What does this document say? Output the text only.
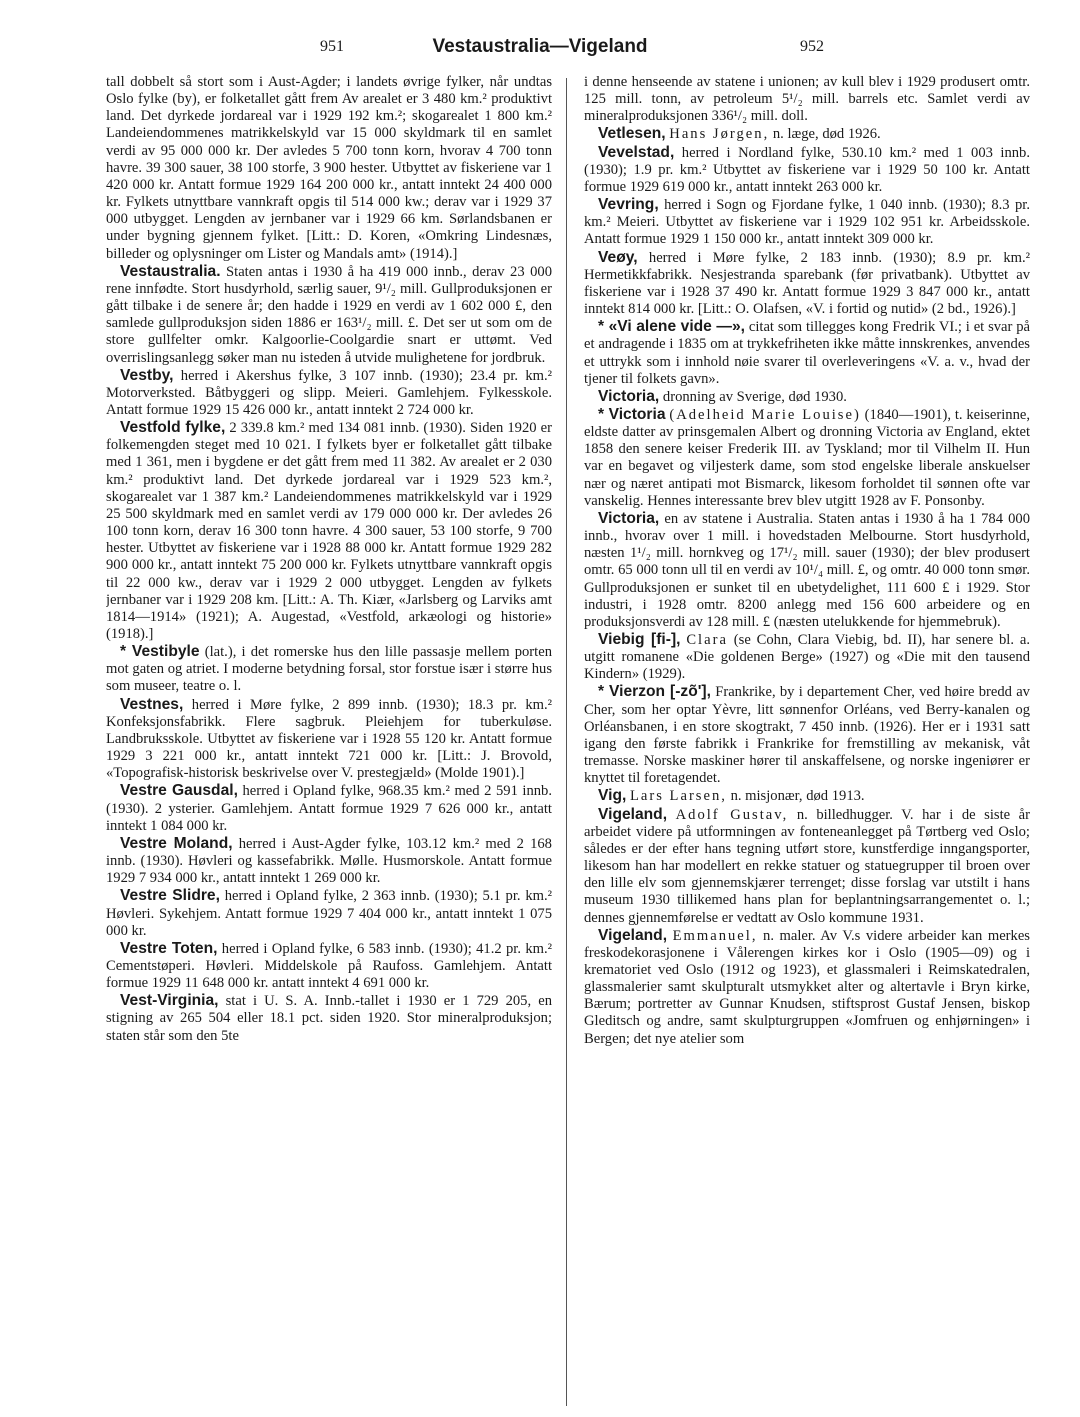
951	Vestaustralia—Vigeland	952

tall dobbelt så stort som i Aust-Agder; i landets øvrige fylker, når undtas Oslo fylke (by), er folketallet gått frem Av arealet er 3 480 km.² produktivt land. Det dyrkede jordareal var i 1929 192 km.²; skogarealet 1 800 km.² Landeiendommenes matrikkelskyld var 15 000 skyldmark til en samlet verdi av 95 000 000 kr. Der avledes 5 700 tonn korn, hvorav 4 700 tonn havre. 39 300 sauer, 38 100 storfe, 3 900 hester. Utbyttet av fiskeriene var 1 420 000 kr. Antatt formue 1929 164 200 000 kr., antatt inntekt 24 400 000 kr. Fylkets utnyttbare vannkraft opgis til 514 000 kw.; derav var i 1929 37 000 utbygget. Lengden av jernbaner var i 1929 66 km. Sørlandsbanen er under bygning gjennem fylket. [Litt.: D. Koren, «Omkring Lindesnæs, billeder og oplysninger om Lister og Mandals amt» (1914).]

Vestaustralia. Staten antas i 1930 å ha 419 000 innb., derav 23 000 rene innfødte. Stort husdyrhold, særlig sauer, 9¹/₂ mill. Gullproduksjonen er gått tilbake i de senere år; den hadde i 1929 en verdi av 1 602 000 £, den samlede gullproduksjon siden 1886 er 163¹/₂ mill. £. Det ser ut som om de store gullfelter omkr. Kalgoorlie-Coolgardie snart er uttømt. Ved overrislingsanlegg søker man nu isteden å utvide mulighetene for jordbruk.

Vestby, herred i Akershus fylke, 3 107 innb. (1930); 23.4 pr. km.² Motorverksted. Båtbyggeri og slipp. Meieri. Gamlehjem. Fylkesskole. Antatt formue 1929 15 426 000 kr., antatt inntekt 2 724 000 kr.

Vestfold fylke, 2 339.8 km.² med 134 081 innb. (1930). Siden 1920 er folkemengden steget med 10 021. I fylkets byer er folketallet gått tilbake med 1 361, men i bygdene er det gått frem med 11 382. Av arealet er 2 030 km.² produktivt land. Det dyrkede jordareal var i 1929 523 km.², skogarealet var 1 387 km.² Landeiendommenes matrikkelskyld var i 1929 25 500 skyldmark med en samlet verdi av 179 000 000 kr. Der avledes 26 100 tonn korn, derav 16 300 tonn havre. 4 300 sauer, 53 100 storfe, 9 700 hester. Utbyttet av fiskeriene var i 1928 88 000 kr. Antatt formue 1929 282 900 000 kr., antatt inntekt 75 200 000 kr. Fylkets utnyttbare vannkraft opgis til 22 000 kw., derav var i 1929 2 000 utbygget. Lengden av fylkets jernbaner var i 1929 208 km. [Litt.: A. Th. Kiær, «Jarlsberg og Larviks amt 1814—1914» (1921); A. Augestad, «Vestfold, arkæologi og historie» (1918).]

* Vestibyle (lat.), i det romerske hus den lille passasje mellem porten mot gaten og atriet. I moderne betydning forsal, stor forstue især i større hus som museer, teatre o. l.

Vestnes, herred i Møre fylke, 2 899 innb. (1930); 18.3 pr. km.² Konfeksjonsfabrikk. Flere sagbruk. Pleiehjem for tuberkuløse. Landbruksskole. Utbyttet av fiskeriene var i 1928 55 120 kr. Antatt formue 1929 3 221 000 kr., antatt inntekt 721 000 kr. [Litt.: J. Brovold, «Topografisk-historisk beskrivelse over V. prestegjæld» (Molde 1901).]

Vestre Gausdal, herred i Opland fylke, 968.35 km.² med 2 591 innb. (1930). 2 ysterier. Gamlehjem. Antatt formue 1929 7 626 000 kr., antatt inntekt 1 084 000 kr.

Vestre Moland, herred i Aust-Agder fylke, 103.12 km.² med 2 168 innb. (1930). Høvleri og kassefabrikk. Mølle. Husmorskole. Antatt formue 1929 7 934 000 kr., antatt inntekt 1 269 000 kr.

Vestre Slidre, herred i Opland fylke, 2 363 innb. (1930); 5.1 pr. km.² Høvleri. Sykehjem. Antatt formue 1929 7 404 000 kr., antatt inntekt 1 075 000 kr.

Vestre Toten, herred i Opland fylke, 6 583 innb. (1930); 41.2 pr. km.² Cementstøperi. Høvleri. Middelskole på Raufoss. Gamlehjem. Antatt formue 1929 11 648 000 kr. antatt inntekt 4 691 000 kr.

Vest-Virginia, stat i U. S. A. Innb.-tallet i 1930 er 1 729 205, en stigning av 265 504 eller 18.1 pct. siden 1920. Stor mineralproduksjon; staten står som den 5te

i denne henseende av statene i unionen; av kull blev i 1929 produsert omtr. 125 mill. tonn, av petroleum 5¹/₂ mill. barrels etc. Samlet verdi av mineralproduksjonen 336¹/₂ mill. doll.

Vetlesen, Hans Jørgen, n. læge, død 1926.

Vevelstad, herred i Nordland fylke, 530.10 km.² med 1 003 innb. (1930); 1.9 pr. km.² Utbyttet av fiskeriene var i 1929 50 100 kr. Antatt formue 1929 619 000 kr., antatt inntekt 263 000 kr.

Vevring, herred i Sogn og Fjordane fylke, 1 040 innb. (1930); 8.3 pr. km.² Meieri. Utbyttet av fiskeriene var i 1929 102 951 kr. Arbeidsskole. Antatt formue 1929 1 150 000 kr., antatt inntekt 309 000 kr.

Veøy, herred i Møre fylke, 2 183 innb. (1930); 8.9 pr. km.² Hermetikkfabrikk. Nesjestranda sparebank (før privatbank). Utbyttet av fiskeriene var i 1928 37 490 kr. Antatt formue 1929 3 847 000 kr., antatt inntekt 814 000 kr. [Litt.: O. Olafsen, «V. i fortid og nutid» (2 bd., 1926).]

* «Vi alene vide —», citat som tillegges kong Fredrik VI.; i et svar på et andragende i 1835 om at trykkefriheten ikke måtte innskrenkes, anvendes et uttrykk som i innhold nøie svarer til overleveringens «V. a. v., hvad der tjener til folkets gavn».

Victoria, dronning av Sverige, død 1930.

* Victoria (Adelheid Marie Louise) (1840—1901), t. keiserinne, eldste datter av prinsgemalen Albert og dronning Victoria av England, ektet 1858 den senere keiser Frederik III. av Tyskland; mor til Vilhelm II. Hun var en begavet og viljesterk dame, som stod engelske liberale anskuelser nær og næret antipati mot Bismarck, likesom forholdet til sønnen ofte var vanskelig. Hennes interessante brev blev utgitt 1928 av F. Ponsonby.

Victoria, en av statene i Australia. Staten antas i 1930 å ha 1 784 000 innb., hvorav over 1 mill. i hovedstaden Melbourne. Stort husdyrhold, næsten 1¹/₂ mill. hornkveg og 17¹/₂ mill. sauer (1930); der blev produsert omtr. 65 000 tonn ull til en verdi av 10¹/₄ mill. £, og omtr. 40 000 tonn smør. Gullproduksjonen er sunket til en ubetydelighet, 111 600 £ i 1929. Stor industri, i 1928 omtr. 8200 anlegg med 156 600 arbeidere og en produksjonsverdi av 128 mill. £ (næsten utelukkende for hjemmebruk).

Viebig [fi-], Clara (se Cohn, Clara Viebig, bd. II), har senere bl. a. utgitt romanene «Die goldenen Berge» (1927) og «Die mit den tausend Kindern» (1929).

* Vierzon [-zõ'], Frankrike, by i departement Cher, ved høire bredd av Cher, som her optar Yèvre, litt sønnenfor Orléans, ved Berry-kanalen og Orléansbanen, i en store skogtrakt, 7 450 innb. (1926). Her er i 1931 satt igang den første fabrikk i Frankrike for fremstilling av mekanisk, våt tremasse. Norske maskiner hører til anskaffelsene, og norske ingeniører er knyttet til foretagendet.

Vig, Lars Larsen, n. misjonær, død 1913.

Vigeland, Adolf Gustav, n. billedhugger. V. har i de siste år arbeidet videre på utformningen av fonteneanlegget på Tørtberg ved Oslo; således er der efter hans tegning utført store, kunstferdige inngangsporter, likesom han har modellert en rekke statuer og statuegrupper til broen over den lille elv som gjennemskjærer terrenget; disse forslag var utstilt i hans museum 1930 tillikemed hans plan for beplantningsarrangementet o. l.; dennes gjennemførelse er vedtatt av Oslo kommune 1931.

Vigeland, Emmanuel, n. maler. Av V.s videre arbeider kan merkes freskodekorasjonene i Vålerengen kirkes kor i Oslo (1905—09) og i krematoriet ved Oslo (1912 og 1923), et glassmaleri i Reimskatedralen, glassmalerier samt skulpturalt utsmykket alter og altertavle i Bryn kirke, Bærum; portretter av Gunnar Knudsen, stiftsprost Gustaf Jensen, biskop Gleditsch og andre, samt skulpturgruppen «Jomfruen og enhjørningen» i Bergen; det nye atelier som
